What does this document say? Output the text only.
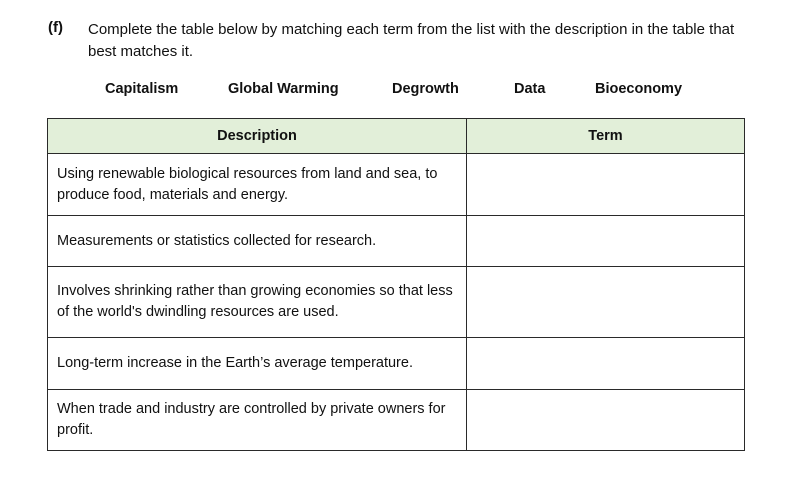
(f) Complete the table below by matching each term from the list with the description in the table that best matches it.
Capitalism	Global Warming	Degrowth	Data	Bioeconomy
Description	Term
Using renewable biological resources from land and sea, to produce food, materials and energy.	
Measurements or statistics collected for research.	
Involves shrinking rather than growing economies so that less of the world's dwindling resources are used.	
Long-term increase in the Earth’s average temperature.	
When trade and industry are controlled by private owners for profit.	
